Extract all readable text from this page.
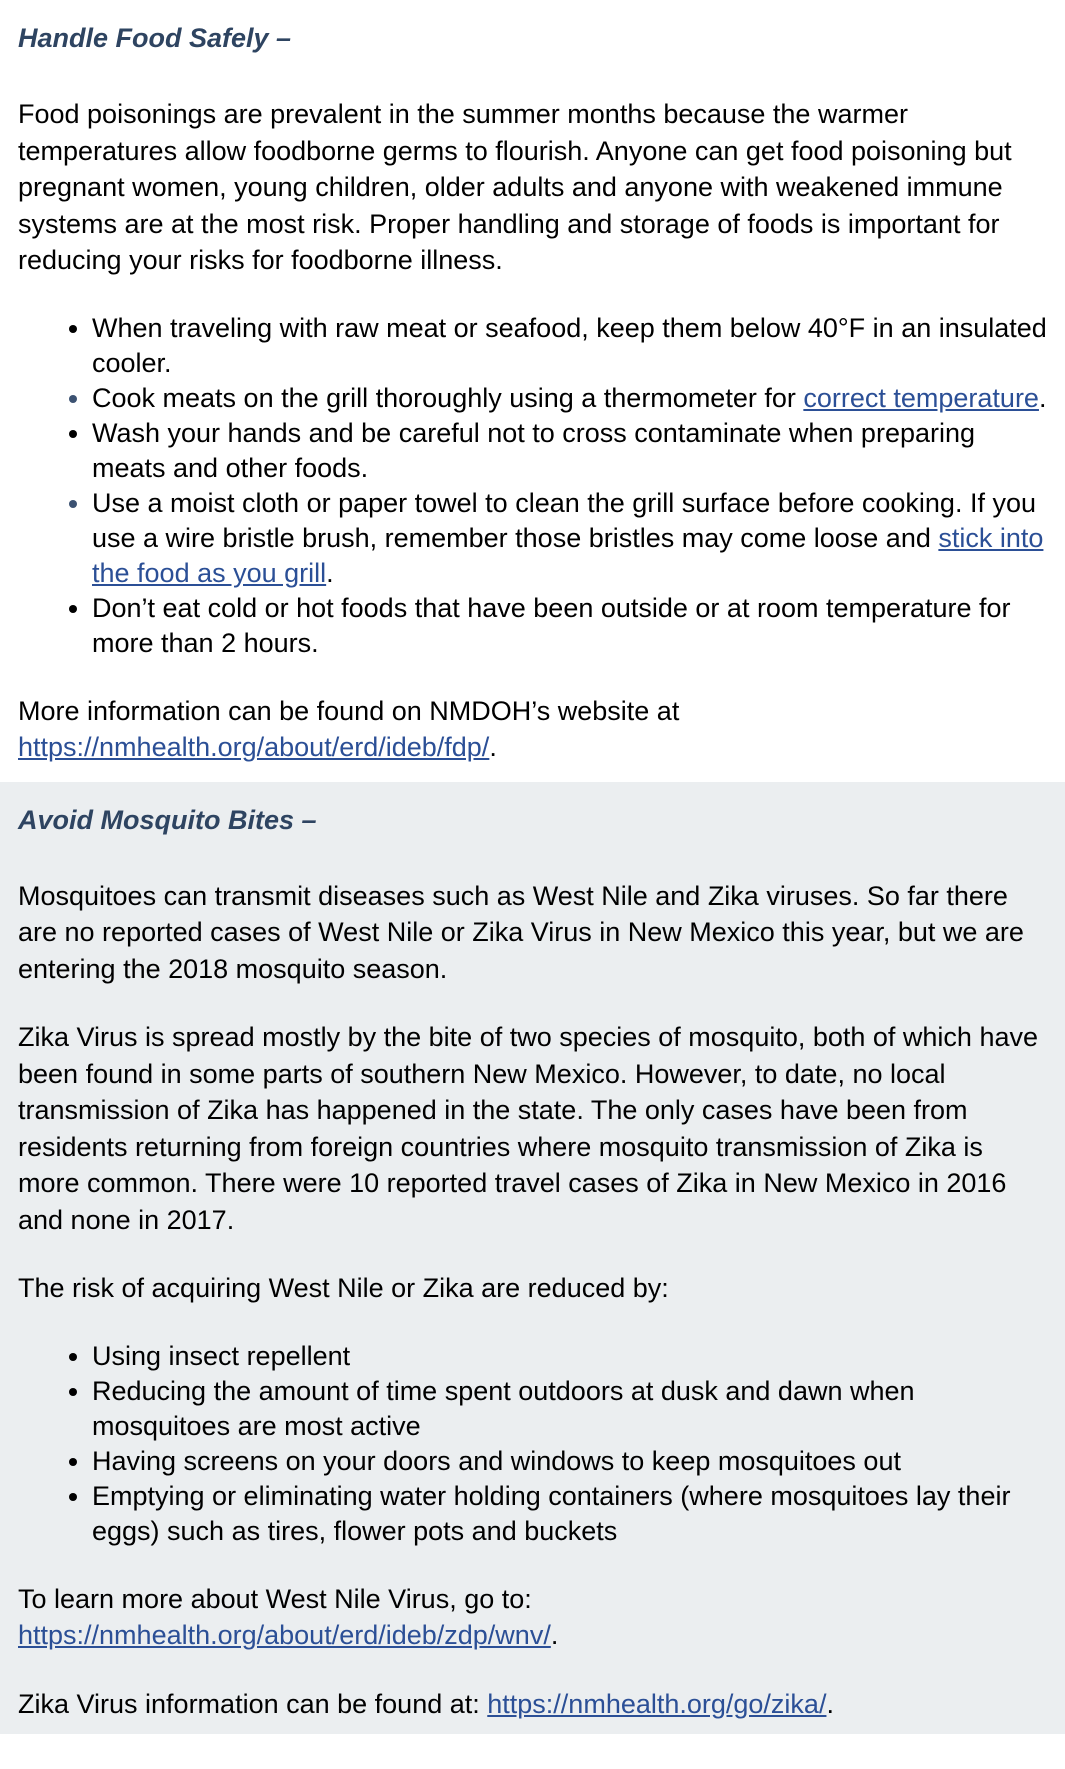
Handle Food Safely –

Food poisonings are prevalent in the summer months because the warmer temperatures allow foodborne germs to flourish. Anyone can get food poisoning but pregnant women, young children, older adults and anyone with weakened immune systems are at the most risk. Proper handling and storage of foods is important for reducing your risks for foodborne illness.

• When traveling with raw meat or seafood, keep them below 40°F in an insulated cooler.
• Cook meats on the grill thoroughly using a thermometer for correct temperature.
• Wash your hands and be careful not to cross contaminate when preparing meats and other foods.
• Use a moist cloth or paper towel to clean the grill surface before cooking. If you use a wire bristle brush, remember those bristles may come loose and stick into the food as you grill.
• Don’t eat cold or hot foods that have been outside or at room temperature for more than 2 hours.

More information can be found on NMDOH’s website at https://nmhealth.org/about/erd/ideb/fdp/.

Avoid Mosquito Bites –

Mosquitoes can transmit diseases such as West Nile and Zika viruses. So far there are no reported cases of West Nile or Zika Virus in New Mexico this year, but we are entering the 2018 mosquito season.

Zika Virus is spread mostly by the bite of two species of mosquito, both of which have been found in some parts of southern New Mexico. However, to date, no local transmission of Zika has happened in the state. The only cases have been from residents returning from foreign countries where mosquito transmission of Zika is more common. There were 10 reported travel cases of Zika in New Mexico in 2016 and none in 2017.

The risk of acquiring West Nile or Zika are reduced by:

• Using insect repellent
• Reducing the amount of time spent outdoors at dusk and dawn when mosquitoes are most active
• Having screens on your doors and windows to keep mosquitoes out
• Emptying or eliminating water holding containers (where mosquitoes lay their eggs) such as tires, flower pots and buckets

To learn more about West Nile Virus, go to: https://nmhealth.org/about/erd/ideb/zdp/wnv/.

Zika Virus information can be found at: https://nmhealth.org/go/zika/.
